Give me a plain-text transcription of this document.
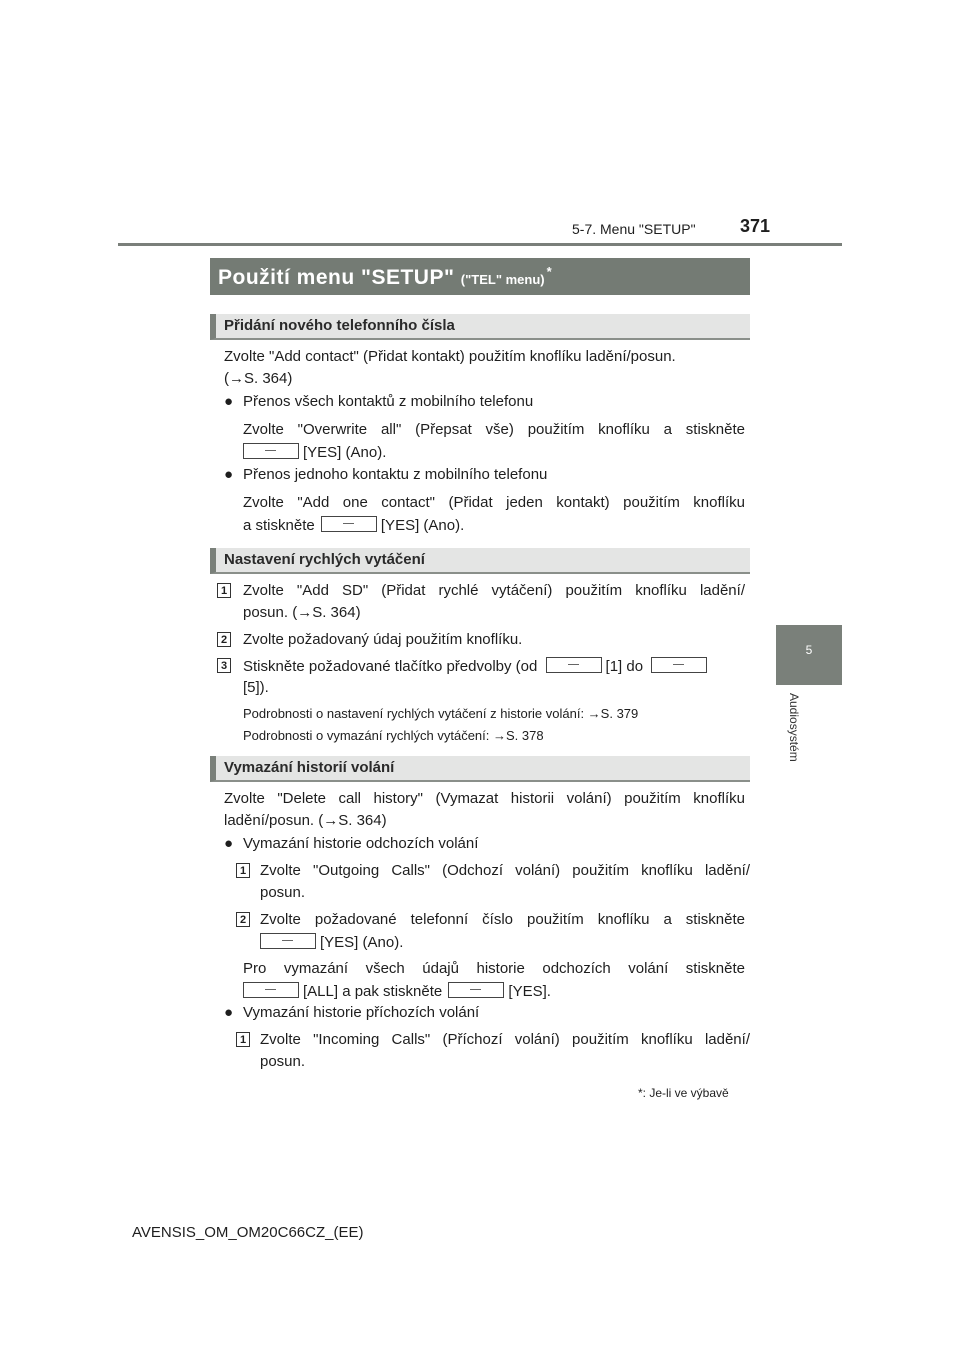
5-7. Menu "SETUP" 371
5
Audiosystém
Použití menu "SETUP" ("TEL" menu)*
Přidání nového telefonního čísla
Zvolte "Add contact" (Přidat kontakt) použitím knoflíku ladění/posun.
(→S. 364)
● Přenos všech kontaktů z mobilního telefonu
Zvolte "Overwrite all" (Přepsat vše) použitím knoflíku a stiskněte
[YES] (Ano).
● Přenos jednoho kontaktu z mobilního telefonu
Zvolte "Add one contact" (Přidat jeden kontakt) použitím knoflíku
a stiskněte	[YES] (Ano).
Nastavení rychlých vytáčení
1 Zvolte "Add SD" (Přidat rychlé vytáčení) použitím knoflíku ladění/
posun. (→S. 364)
2 Zvolte požadovaný údaj použitím knoflíku.
3 Stiskněte požadované tlačítko předvolby (od	[1] do
[5]).
Podrobnosti o nastavení rychlých vytáčení z historie volání: →S. 379
Podrobnosti o vymazání rychlých vytáčení: →S. 378
Vymazání historií volání
Zvolte "Delete call history" (Vymazat historii volání) použitím knoflíku
ladění/posun. (→S. 364)
● Vymazání historie odchozích volání
1 Zvolte "Outgoing Calls" (Odchozí volání) použitím knoflíku ladění/
posun.
2 Zvolte požadované telefonní číslo použitím knoflíku a stiskněte
[YES] (Ano).
Pro vymazání všech údajů historie odchozích volání stiskněte
[ALL] a pak stiskněte	[YES].
● Vymazání historie příchozích volání
1 Zvolte "Incoming Calls" (Příchozí volání) použitím knoflíku ladění/
posun.
*: Je-li ve výbavě
AVENSIS_OM_OM20C66CZ_(EE)
